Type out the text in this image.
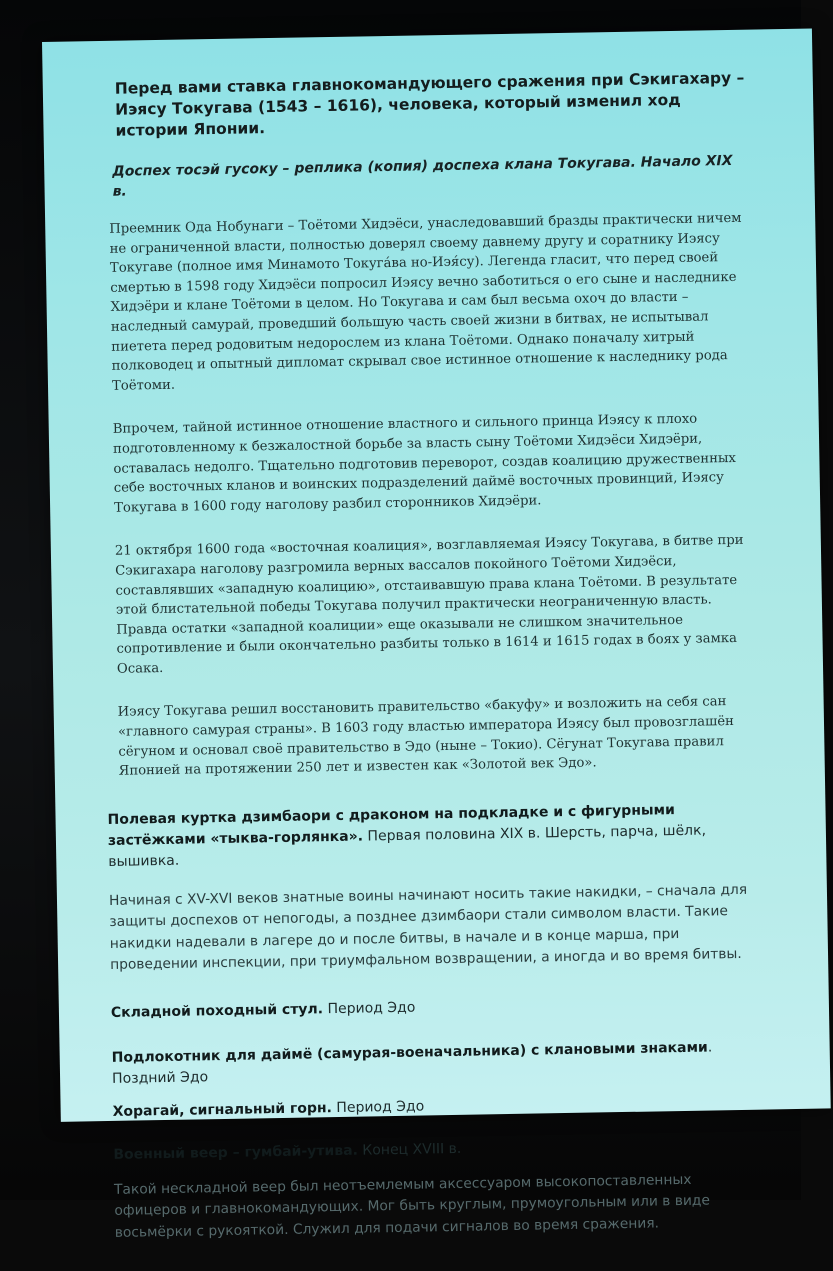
Перед вами ставка главнокомандующего сражения при Сэкигахару – Иэясу Токугава (1543 – 1616), человека, который изменил ход истории Японии.
Доспех тосэй гусоку – реплика (копия) доспеха клана Токугава. Начало XIX в.
Преемник Ода Нобунаги – Тоётоми Хидэёси, унаследовавший бразды практически ничем не ограниченной власти, полностью доверял своему давнему другу и соратнику Иэясу Токугаве (полное имя Минамото Токугáва но-Иэя́су). Легенда гласит, что перед своей смертью в 1598 году Хидэёси попросил Иэясу вечно заботиться о его сыне и наследнике Хидэёри и клане Тоётоми в целом. Но Токугава и сам был весьма охоч до власти – наследный самурай, проведший большую часть своей жизни в битвах, не испытывал пиетета перед родовитым недорослем из клана Тоётоми. Однако поначалу хитрый полководец и опытный дипломат скрывал свое истинное отношение к наследнику рода Тоётоми.
Впрочем, тайной истинное отношение властного и сильного принца Иэясу к плохо подготовленному к безжалостной борьбе за власть сыну Тоётоми Хидэёси Хидэёри, оставалась недолго. Тщательно подготовив переворот, создав коалицию дружественных себе восточных кланов и воинских подразделений даймё восточных провинций, Иэясу Токугава в 1600 году наголову разбил сторонников Хидэёри.
21 октября 1600 года «восточная коалиция», возглавляемая Иэясу Токугава, в битве при Сэкигахара наголову разгромила верных вассалов покойного Тоётоми Хидэёси, составлявших «западную коалицию», отстаивавшую права клана Тоётоми. В результате этой блистательной победы Токугава получил практически неограниченную власть. Правда остатки «западной коалиции» еще оказывали не слишком значительное сопротивление и были окончательно разбиты только в 1614 и 1615 годах в боях у замка Осака.
Иэясу Токугава решил восстановить правительство «бакуфу» и возложить на себя сан «главного самурая страны». В 1603 году властью императора Иэясу был провозглашён сёгуном и основал своё правительство в Эдо (ныне – Токио). Сёгунат Токугава правил Японией на протяжении 250 лет и известен как «Золотой век Эдо».
Полевая куртка дзимбаори с драконом на подкладке и с фигурными застёжками «тыква-горлянка». Первая половина XIX в. Шерсть, парча, шёлк, вышивка.
Начиная с XV-XVI веков знатные воины начинают носить такие накидки, – сначала для защиты доспехов от непогоды, а позднее дзимбаори стали символом власти. Такие накидки надевали в лагере до и после битвы, в начале и в конце марша, при проведении инспекции, при триумфальном возвращении, а иногда и во время битвы.
Складной походный стул. Период Эдо
Подлокотник для даймё (самурая-военачальника) с клановыми знаками. Поздний Эдо
Хорагай, сигнальный горн. Период Эдо
Военный веер – гумбай-утива. Конец XVIII в.
Такой нескладной веер был неотъемлемым аксессуаром высокопоставленных офицеров и главнокомандующих. Мог быть круглым, прумоугольным или в виде восьмёрки с рукояткой. Служил для подачи сигналов во время сражения.
